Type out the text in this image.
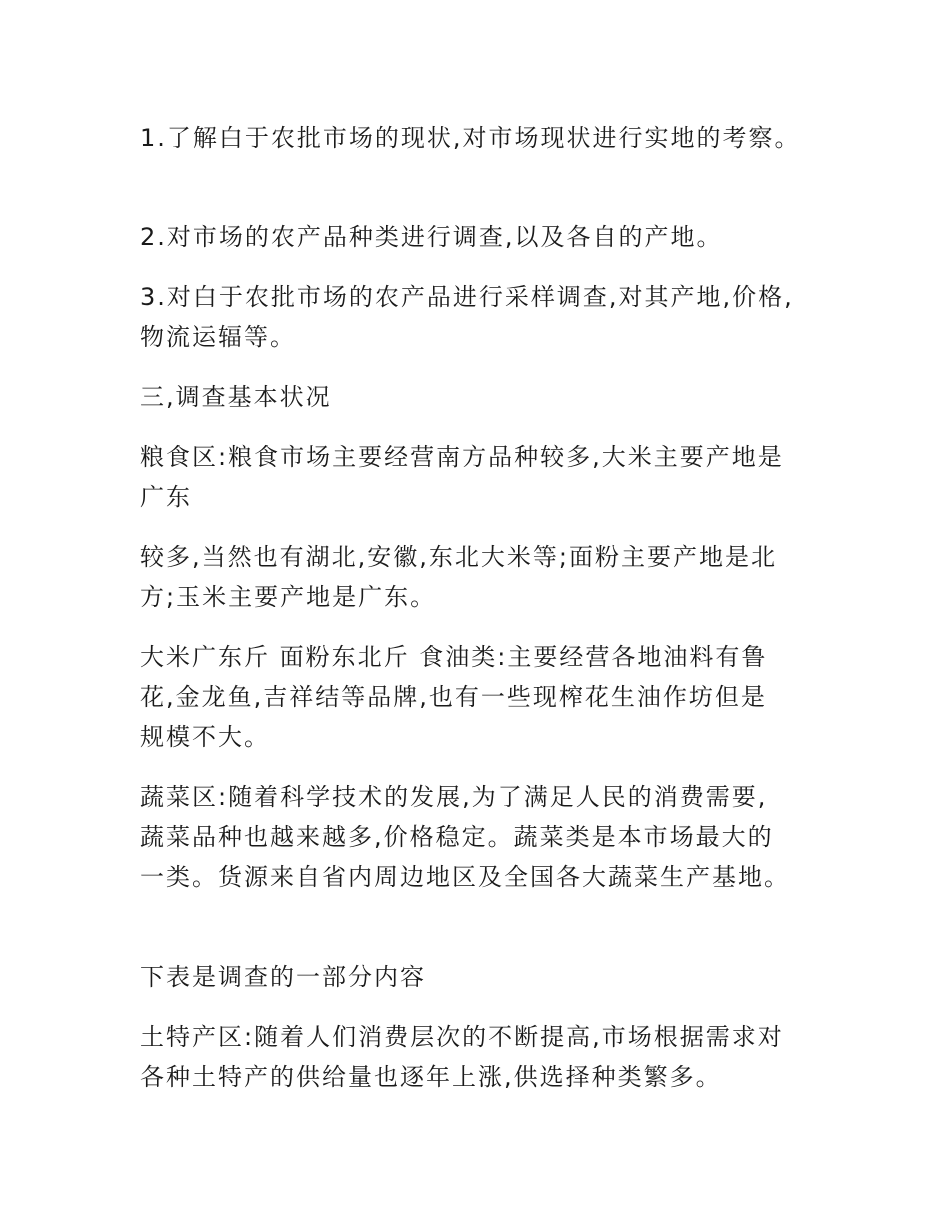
1.了解白于农批市场的现状,对市场现状进行实地的考察。

2.对市场的农产品种类进行调查,以及各自的产地。

3.对白于农批市场的农产品进行采样调查,对其产地,价格,
物流运辐等。

三,调查基本状况

粮食区:粮食市场主要经营南方品种较多,大米主要产地是
广东

较多,当然也有湖北,安徽,东北大米等;面粉主要产地是北
方;玉米主要产地是广东。

大米广东斤 面粉东北斤 食油类:主要经营各地油料有鲁
花,金龙鱼,吉祥结等品牌,也有一些现榨花生油作坊但是
规模不大。

蔬菜区:随着科学技术的发展,为了满足人民的消费需要,
蔬菜品种也越来越多,价格稳定。蔬菜类是本市场最大的
一类。货源来自省内周边地区及全国各大蔬菜生产基地。

下表是调查的一部分内容

土特产区:随着人们消费层次的不断提高,市场根据需求对
各种土特产的供给量也逐年上涨,供选择种类繁多。
